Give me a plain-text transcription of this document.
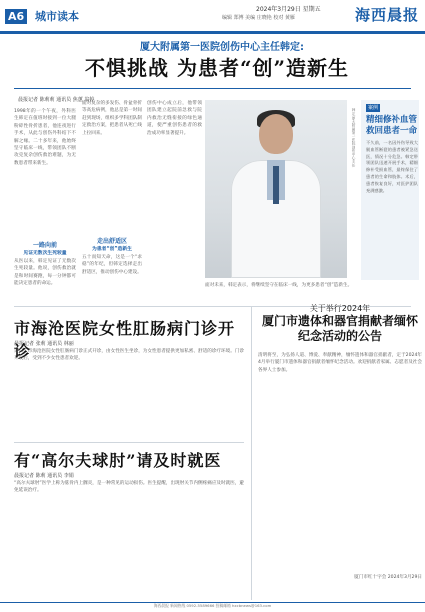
A6 城市读本
2024年3月29日 星期五
编辑 郑博 美编 庄晓艳 校对 黄雁	海西晨报
厦大附属第一医院创伤中心主任韩定:
不惧挑战 为患者“创”造新生
晨报记者 陈莉莉 通讯员 焦蕙 翁婷
1998年的一个午夜，外科医生韩定在值班时接到一位大腿粉碎性骨折患者，他连夜进行手术，从此与创伤外科结下不解之缘。二十多年来，他始终坚守临床一线，带领团队不断攻克复杂创伤救治难题，为无数患者带来新生。
一路向前
见证无数次生死较量
从医以来，韩定见证了无数次生死较量。他说，创伤救治就是和时间赛跑，每一分钟都可能决定患者的命运。
面对复杂的多发伤、骨盆骨折等高危病例，他总是第一时间赶到现场，组织多学科团队制定救治方案，把患者从死亡线上拉回来。
走出舒适区
为患者“创”造新生
五十而知天命，这是一个“求稳”的年纪，但韩定选择走出舒适区，推动创伤中心建设。
创伤中心成立后，他带领团队建立起院前急救与院内救治无缝衔接的绿色通道，使严重创伤患者的救治成功率显著提升。	韩定 厦大附属第一医院创伤中心主任	案例
精细修补血管 救回患者一命
不久前，一名因外伤导致大腿血管断裂的患者被紧急送医，情况十分危急。韩定带领团队迅速开展手术，精细修补受损血管，最终保住了患者的生命和肢体。术后，患者恢复良好，对医护团队充满感激。
面对未来，韩定表示，将继续坚守在临床一线，为更多患者“创”造新生。
市海沧医院女性肛肠病门诊开诊
晨报记者 张莉 通讯员 林丽
近日，市海沧医院女性肛肠病门诊正式开诊，由女性医生坐诊，为女性患者提供更加私密、舒适的诊疗环境。门诊开设后，受到不少女性患者欢迎。
有“高尔夫球肘”请及时就医
晨报记者 陈莉 通讯员 李娟
“高尔夫球肘”医学上称为肱骨内上髁炎，是一种常见的运动损伤。医生提醒，出现肘关节内侧疼痛应及时就医，避免延误治疗。
关于举行2024年
厦门市遗体和器官捐献者缅怀纪念活动的公告
清明将至，为弘扬人道、博爱、奉献精神，缅怀遗体和器官捐献者，定于2024年4月举行厦门市遗体和器官捐献者缅怀纪念活动。欢迎捐献者家属、志愿者及社会各界人士参加。
厦门市红十字会 2024年3月29日
海西晨报 新闻热线 0592-5589666 投稿邮箱 hxcbnews@163.com
